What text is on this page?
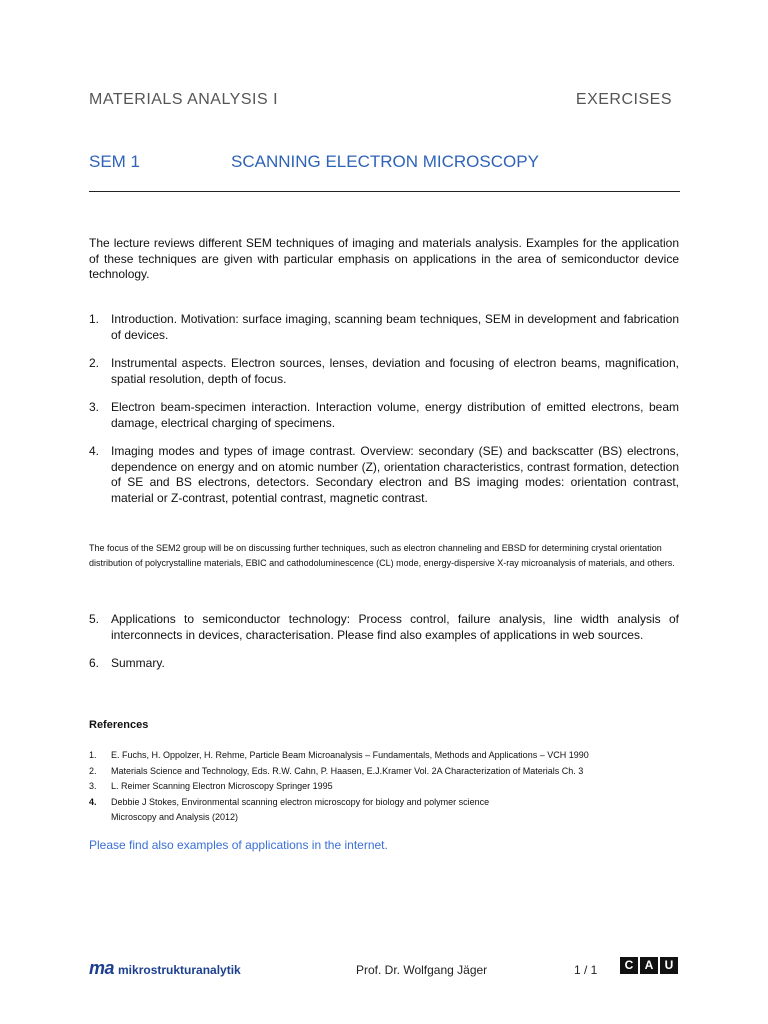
MATERIALS ANALYSIS I	EXERCISES
SEM 1	SCANNING ELECTRON MICROSCOPY

The lecture reviews different SEM techniques of imaging and materials analysis. Examples for the application of these techniques are given with particular emphasis on applications in the area of semiconductor device technology.

1. Introduction. Motivation: surface imaging, scanning beam techniques, SEM in development and fabrication of devices.
2. Instrumental aspects. Electron sources, lenses, deviation and focusing of electron beams, magnification, spatial resolution, depth of focus.
3. Electron beam-specimen interaction. Interaction volume, energy distribution of emitted electrons, beam damage, electrical charging of specimens.
4. Imaging modes and types of image contrast. Overview: secondary (SE) and backscatter (BS) electrons, dependence on energy and on atomic number (Z), orientation characteristics, contrast formation, detection of SE and BS electrons, detectors. Secondary electron and BS imaging modes: orientation contrast, material or Z-contrast, potential contrast, magnetic contrast.

The focus of the SEM2 group will be on discussing further techniques, such as electron channeling and EBSD for determining crystal orientation distribution of polycrystalline materials, EBIC and cathodoluminescence (CL) mode, energy-dispersive X-ray microanalysis of materials, and others.

5. Applications to semiconductor technology: Process control, failure analysis, line width analysis of interconnects in devices, characterisation. Please find also examples of applications in web sources.
6. Summary.
References
1. E. Fuchs, H. Oppolzer, H. Rehme, Particle Beam Microanalysis – Fundamentals, Methods and Applications – VCH 1990
2. Materials Science and Technology, Eds. R.W. Cahn, P. Haasen, E.J.Kramer Vol. 2A Characterization of Materials Ch. 3
3. L. Reimer Scanning Electron Microscopy Springer 1995
4. Debbie J Stokes, Environmental scanning electron microscopy for biology and polymer science
Microscopy and Analysis (2012)
Please find also examples of applications in the internet.
ma mikrostrukturanalytik	Prof. Dr. Wolfgang Jäger	1 / 1	C A U
